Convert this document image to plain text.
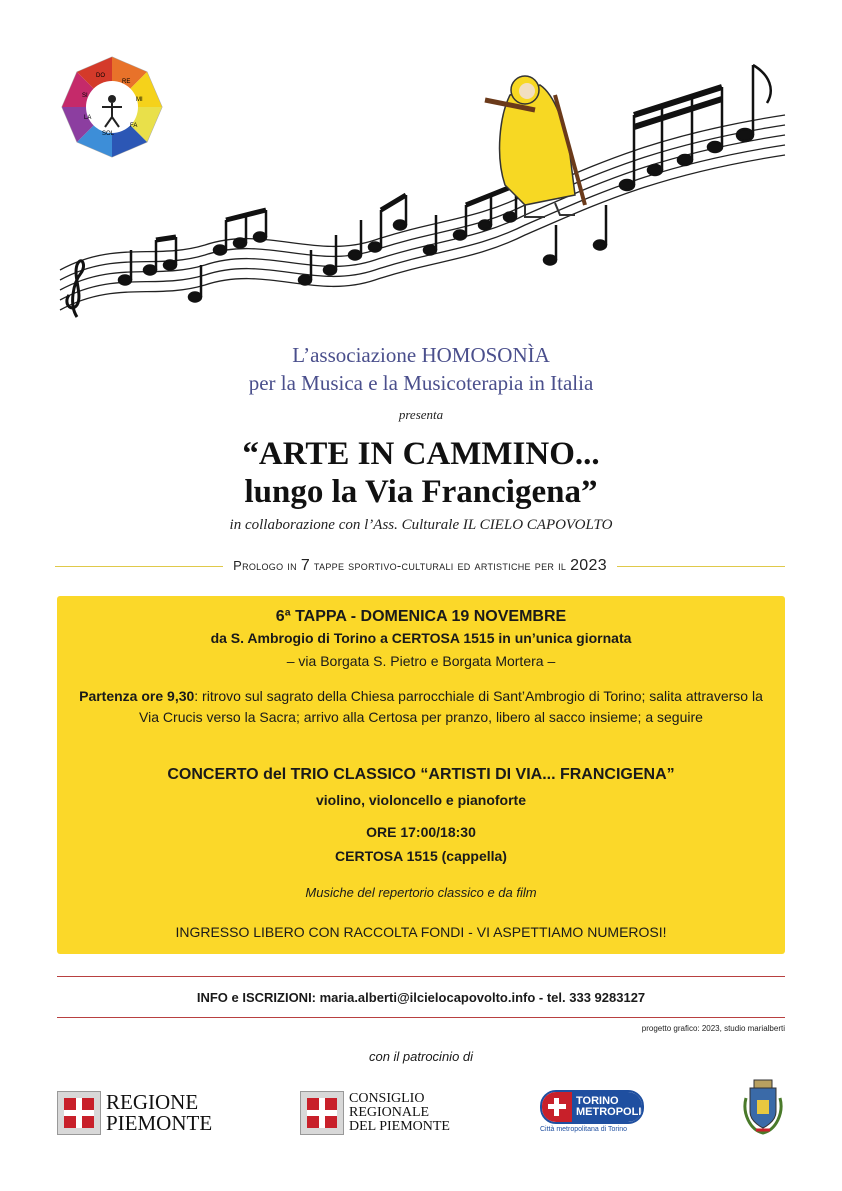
DO
RE
MI
FA
SOL
LA
SI
L’associazione HOMOSONÌA
per la Musica e la Musicoterapia in Italia
presenta
“ARTE IN CAMMINO...
lungo la Via Francigena”
in collaborazione con l’Ass. Culturale IL CIELO CAPOVOLTO
Prologo in 7 tappe sportivo-culturali ed artistiche per il 2023
6ª TAPPA - DOMENICA 19 NOVEMBRE
da S. Ambrogio di Torino a CERTOSA 1515 in un’unica giornata
– via Borgata S. Pietro e Borgata Mortera –
Partenza ore 9,30: ritrovo sul sagrato della Chiesa parrocchiale di Sant’Ambrogio di Torino; salita attraverso la Via Crucis verso la Sacra; arrivo alla Certosa per pranzo, libero al sacco insieme; a seguire
CONCERTO del TRIO CLASSICO “ARTISTI DI VIA... FRANCIGENA”
violino, violoncello e pianoforte
ORE 17:00/18:30
CERTOSA 1515 (cappella)
Musiche del repertorio classico e da film
INGRESSO LIBERO CON RACCOLTA FONDI - VI ASPETTIAMO NUMEROSI!
INFO e ISCRIZIONI: maria.alberti@ilcielocapovolto.info - tel. 333 9283127
progetto grafico: 2023, studio marialberti
con il patrocinio di
REGIONE
PIEMONTE
CONSIGLIO
REGIONALE
DEL PIEMONTE
TORINO
METROPOLI
Città metropolitana di Torino
